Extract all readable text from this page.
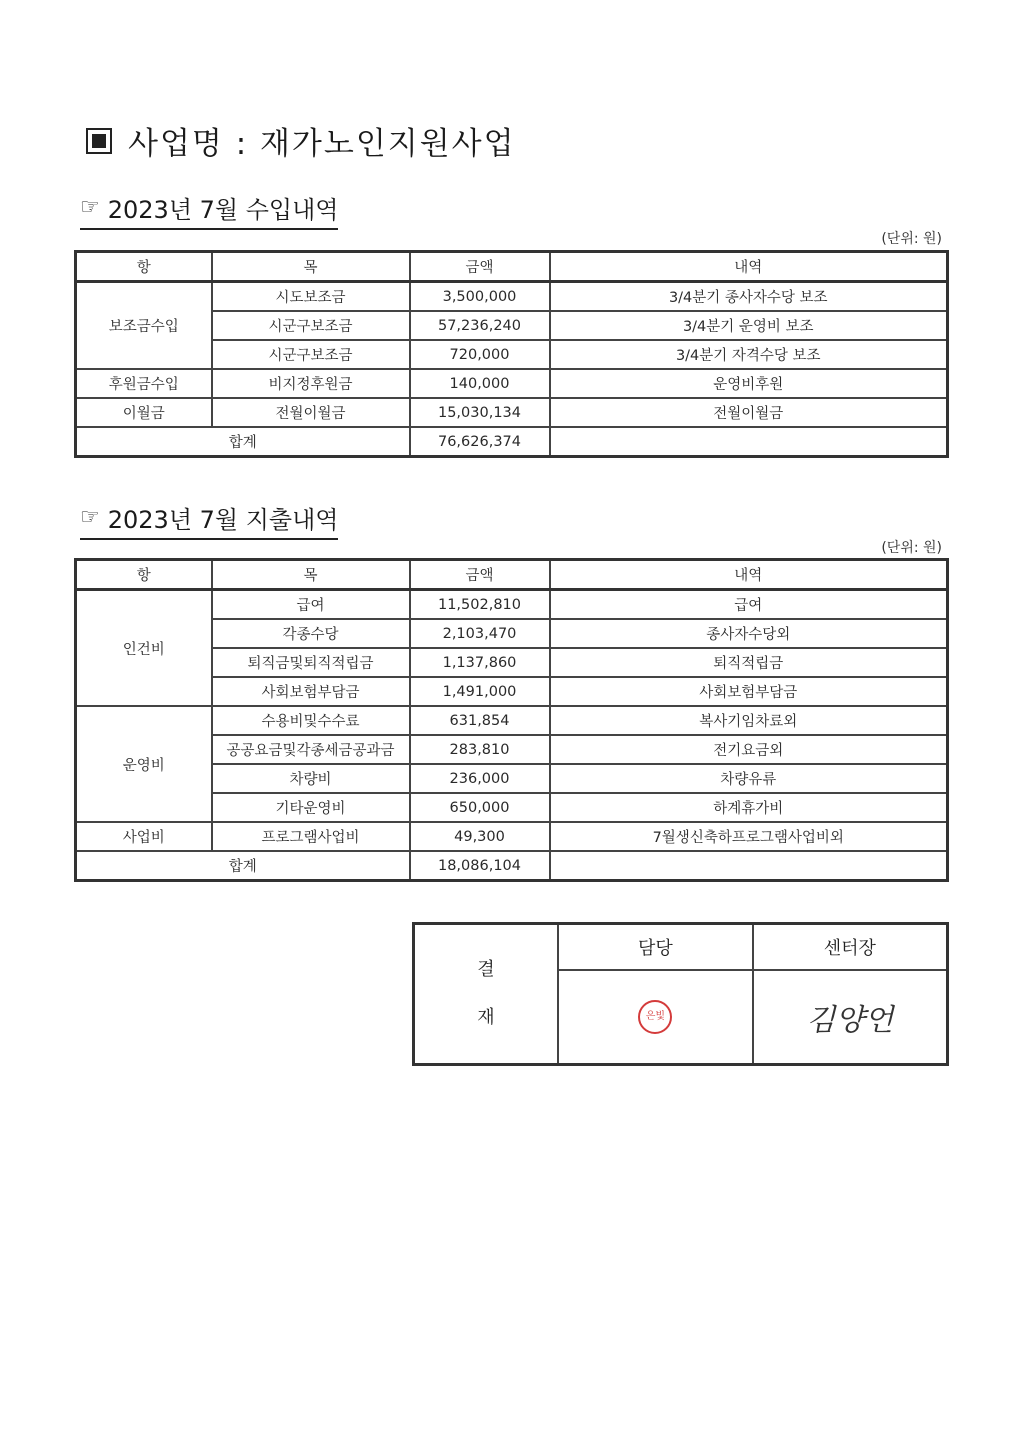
사업명 : 재가노인지원사업
☞ 2023년 7월 수입내역
(단위: 원)
항	목	금액	내역
보조금수입	시도보조금	3,500,000	3/4분기 종사자수당 보조
	시군구보조금	57,236,240	3/4분기 운영비 보조
	시군구보조금	720,000	3/4분기 자격수당 보조
후원금수입	비지정후원금	140,000	운영비후원
이월금	전월이월금	15,030,134	전월이월금
합계		76,626,374	
☞ 2023년 7월 지출내역
(단위: 원)
항	목	금액	내역
인건비	급여	11,502,810	급여
	각종수당	2,103,470	종사자수당외
	퇴직금및퇴직적립금	1,137,860	퇴직적립금
	사회보험부담금	1,491,000	사회보험부담금
운영비	수용비및수수료	631,854	복사기임차료외
	공공요금및각종세금공과금	283,810	전기요금외
	차량비	236,000	차량유류
	기타운영비	650,000	하계휴가비
사업비	프로그램사업비	49,300	7월생신축하프로그램사업비외
합계		18,086,104	
결
재	담당	센터장
	은빛	김양언
